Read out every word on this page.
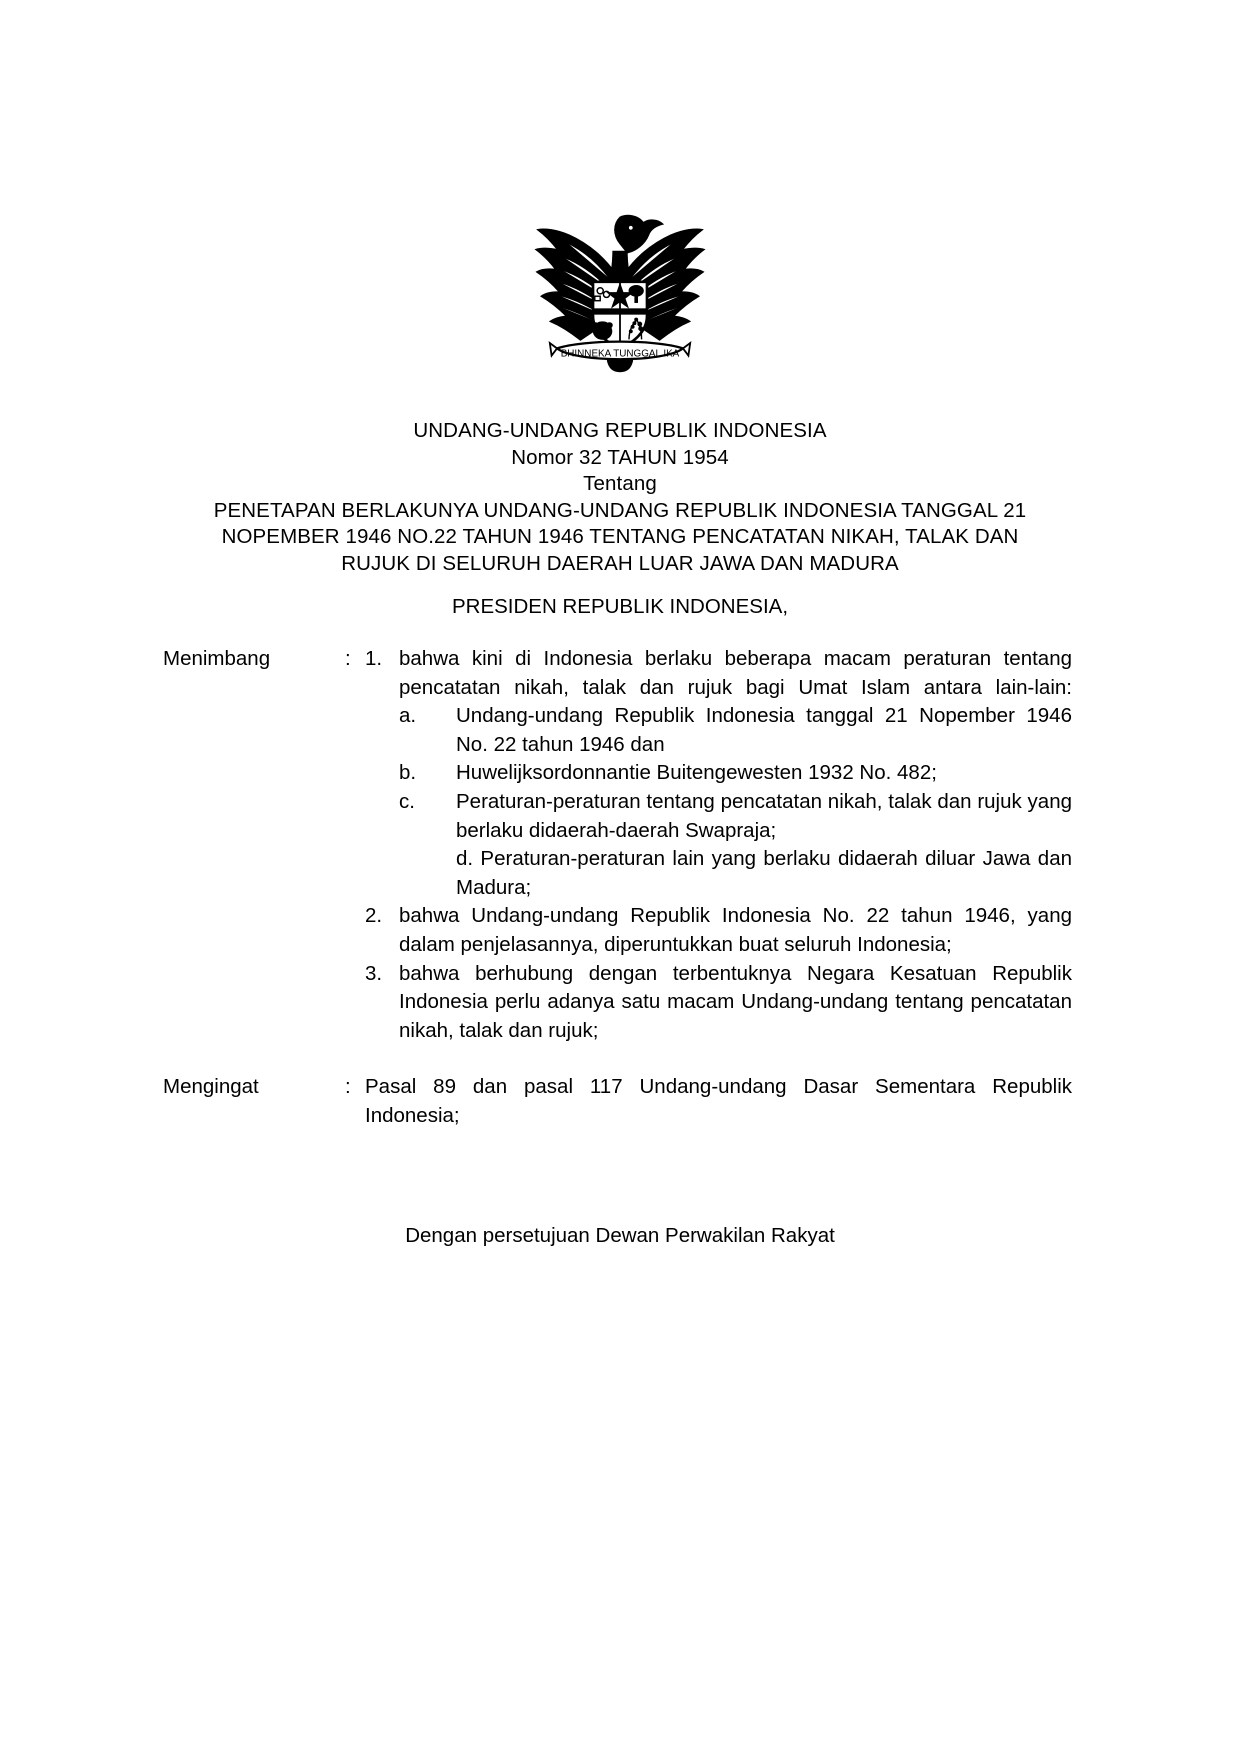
BHINNEKA TUNGGAL IKA
UNDANG-UNDANG REPUBLIK INDONESIA
Nomor 32 TAHUN 1954
Tentang
PENETAPAN BERLAKUNYA UNDANG-UNDANG REPUBLIK INDONESIA TANGGAL 21
NOPEMBER 1946 NO.22 TAHUN 1946 TENTANG PENCATATAN NIKAH, TALAK DAN
RUJUK DI SELURUH DAERAH LUAR JAWA DAN MADURA
PRESIDEN REPUBLIK INDONESIA,
Menimbang	: 1. bahwa kini di Indonesia berlaku beberapa macam peraturan tentang pencatatan nikah, talak dan rujuk bagi Umat Islam antara lain-lain:

a.	Undang-undang Republik Indonesia tanggal 21 Nopember 1946 No. 22 tahun 1946 dan
b.	Huwelijksordonnantie Buitengewesten 1932 No. 482;
c.	Peraturan-peraturan tentang pencatatan nikah, talak dan rujuk yang berlaku didaerah-daerah Swapraja;

d. Peraturan-peraturan lain yang berlaku didaerah diluar Jawa dan Madura;

2. bahwa Undang-undang Republik Indonesia No. 22 tahun 1946, yang dalam penjelasannya, diperuntukkan buat seluruh Indonesia;

3. bahwa berhubung dengan terbentuknya Negara Kesatuan Republik Indonesia perlu adanya satu macam Undang-undang tentang pencatatan nikah, talak dan rujuk;

Mengingat	: Pasal 89 dan pasal 117 Undang-undang Dasar Sementara Republik Indonesia;

Dengan persetujuan Dewan Perwakilan Rakyat
